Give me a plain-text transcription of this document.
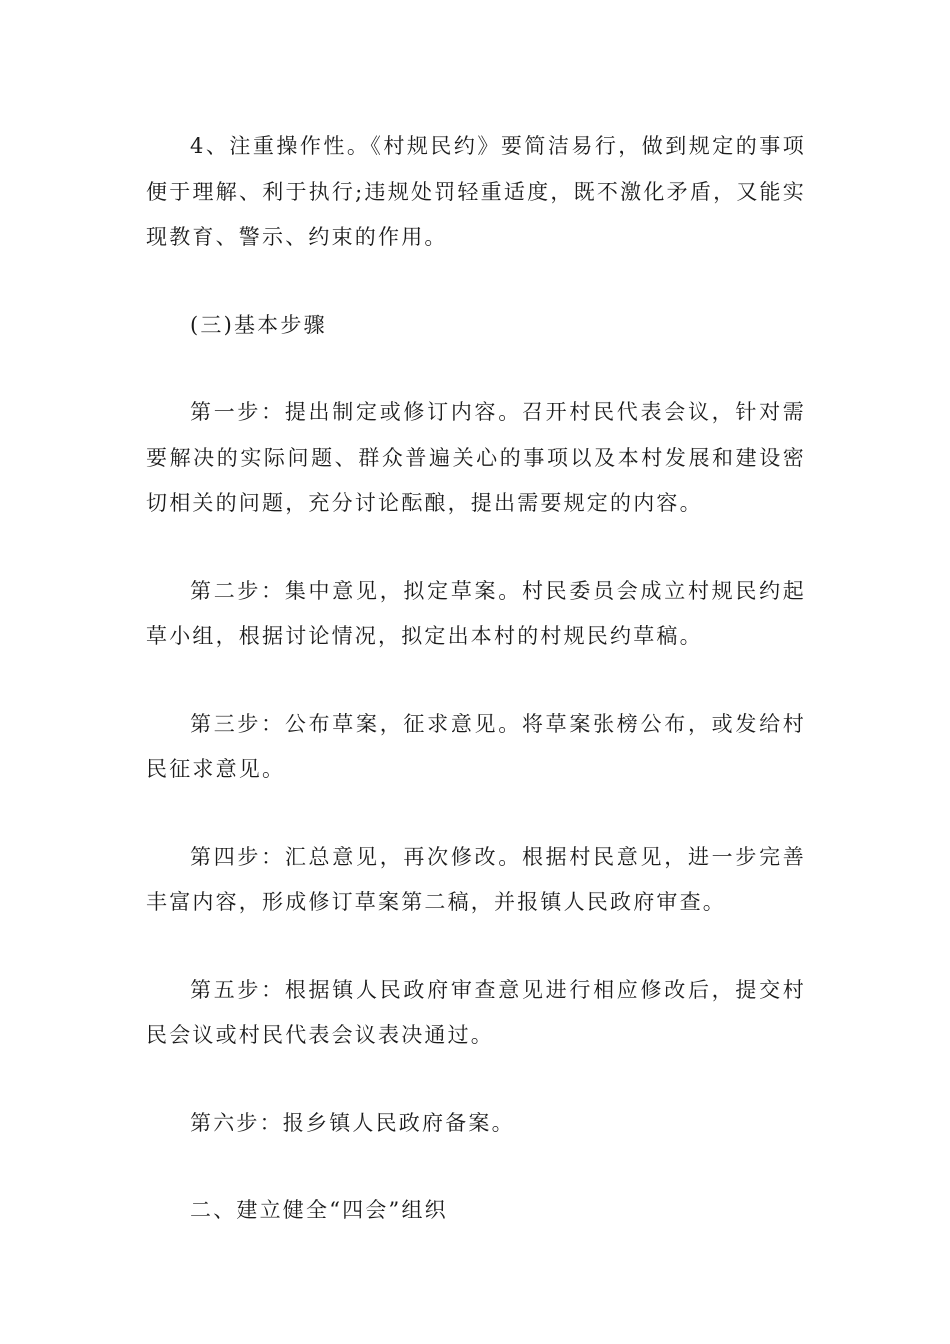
4、注重操作性。《村规民约》要简洁易行，做到规定的事项便于理解、利于执行;违规处罚轻重适度，既不激化矛盾，又能实现教育、警示、约束的作用。

(三)基本步骤

第一步：提出制定或修订内容。召开村民代表会议，针对需要解决的实际问题、群众普遍关心的事项以及本村发展和建设密切相关的问题，充分讨论酝酿，提出需要规定的内容。

第二步：集中意见，拟定草案。村民委员会成立村规民约起草小组，根据讨论情况，拟定出本村的村规民约草稿。

第三步：公布草案，征求意见。将草案张榜公布，或发给村民征求意见。

第四步：汇总意见，再次修改。根据村民意见，进一步完善丰富内容，形成修订草案第二稿，并报镇人民政府审查。

第五步：根据镇人民政府审查意见进行相应修改后，提交村民会议或村民代表会议表决通过。

第六步：报乡镇人民政府备案。

二、建立健全“四会”组织
